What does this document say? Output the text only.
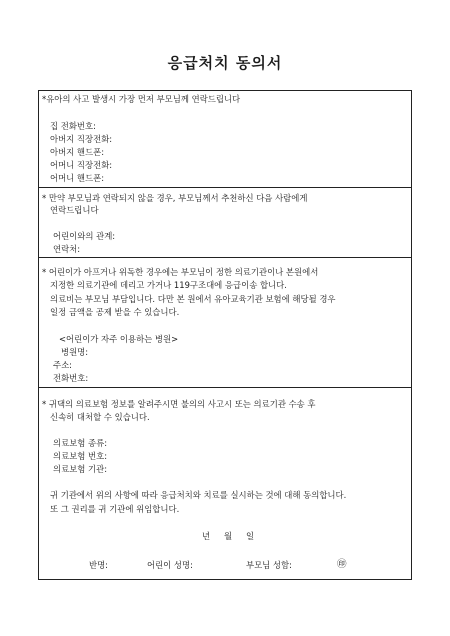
응급처치 동의서
*유아의 사고 발생시 가장 먼저 부모님께 연락드립니다
집 전화번호:
아버지 직장전화:
아버지 핸드폰:
어머니 직장전화:
어머니 핸드폰:
* 만약 부모님과 연락되지 않을 경우, 부모님께서 추천하신 다음 사람에게
연락드립니다
어린이와의 관계:
연락처:
* 어린이가 아프거나 위독한 경우에는 부모님이 정한 의료기관이나 본원에서
지정한 의료기관에 데리고 가거나 119구조대에 응급이송 합니다.
의료비는 부모님 부담입니다. 다만 본 원에서 유아교육기관 보험에 해당될 경우
일정 금액을 공제 받을 수 있습니다.
<어린이가 자주 이용하는 병원>
병원명:
주소:
전화번호:
* 귀댁의 의료보험 정보를 알려주시면 불의의 사고시 또는 의료기관 수송 후
신속히 대처할 수 있습니다.
의료보험 종류:
의료보험 번호:
의료보험 기관:
귀 기관에서 위의 사항에 따라 응급처치와 치료를 실시하는 것에 대해 동의합니다.
또 그 권리를 귀 기관에 위임합니다.
년 월 일
반명:	어린이 성명:	부모님 성함:	㊞
